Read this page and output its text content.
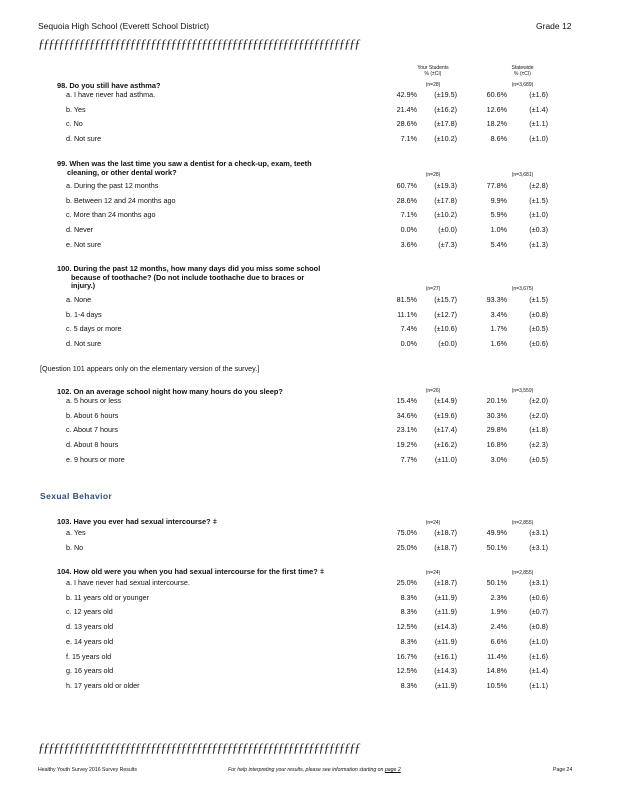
Sequoia High School (Everett School District)	Grade 12
ƒƒƒƒƒƒƒƒƒƒƒƒƒƒƒƒƒƒƒƒƒƒƒƒƒƒƒƒƒƒƒƒƒƒƒƒƒƒƒƒƒƒƒƒƒƒƒƒƒƒƒƒƒƒƒƒƒƒƒƒƒƒƒ
Your Students
% (±CI)
Statewide
% (±CI)
98. Do you still have asthma?	(n=28)	(n=3,689)
a. I have never had asthma.	42.9%	(±19.5)	60.6%	(±1.6)
b. Yes	21.4%	(±16.2)	12.6%	(±1.4)
c. No	28.6%	(±17.8)	18.2%	(±1.1)
d. Not sure	7.1%	(±10.2)	8.6%	(±1.0)
99. When was the last time you saw a dentist for a check-up, exam, teeth
cleaning, or other dental work?	(n=28)	(n=3,681)
a. During the past 12 months	60.7%	(±19.3)	77.8%	(±2.8)
b. Between 12 and 24 months ago	28.6%	(±17.8)	9.9%	(±1.5)
c. More than 24 months ago	7.1%	(±10.2)	5.9%	(±1.0)
d. Never	0.0%	(±0.0)	1.0%	(±0.3)
e. Not sure	3.6%	(±7.3)	5.4%	(±1.3)
100. During the past 12 months, how many days did you miss some school
because of toothache? (Do not include toothache due to braces or
injury.)	(n=27)	(n=3,675)
a. None	81.5%	(±15.7)	93.3%	(±1.5)
b. 1-4 days	11.1%	(±12.7)	3.4%	(±0.8)
c. 5 days or more	7.4%	(±10.6)	1.7%	(±0.5)
d. Not sure	0.0%	(±0.0)	1.6%	(±0.6)
[Question 101 appears only on the elementary version of the survey.]
102. On an average school night how many hours do you sleep?	(n=26)	(n=3,559)
a. 5 hours or less	15.4%	(±14.9)	20.1%	(±2.0)
b. About 6 hours	34.6%	(±19.6)	30.3%	(±2.0)
c. About 7 hours	23.1%	(±17.4)	29.8%	(±1.8)
d. About 8 hours	19.2%	(±16.2)	16.8%	(±2.3)
e. 9 hours or more	7.7%	(±11.0)	3.0%	(±0.5)
Sexual Behavior
103. Have you ever had sexual intercourse? ǂ	(n=24)	(n=2,855)
a. Yes	75.0%	(±18.7)	49.9%	(±3.1)
b. No	25.0%	(±18.7)	50.1%	(±3.1)
104. How old were you when you had sexual intercourse for the first time? ǂ	(n=24)	(n=2,855)
a. I have never had sexual intercourse.	25.0%	(±18.7)	50.1%	(±3.1)
b. 11 years old or younger	8.3%	(±11.9)	2.3%	(±0.6)
c. 12 years old	8.3%	(±11.9)	1.9%	(±0.7)
d. 13 years old	12.5%	(±14.3)	2.4%	(±0.8)
e. 14 years old	8.3%	(±11.9)	6.6%	(±1.0)
f. 15 years old	16.7%	(±16.1)	11.4%	(±1.6)
g. 16 years old	12.5%	(±14.3)	14.8%	(±1.4)
h. 17 years old or older	8.3%	(±11.9)	10.5%	(±1.1)
ƒƒƒƒƒƒƒƒƒƒƒƒƒƒƒƒƒƒƒƒƒƒƒƒƒƒƒƒƒƒƒƒƒƒƒƒƒƒƒƒƒƒƒƒƒƒƒƒƒƒƒƒƒƒƒƒƒƒƒƒƒƒƒ
Healthy Youth Survey 2016 Survey Results	For help interpreting your results, please see information starting on page 2	Page 24
